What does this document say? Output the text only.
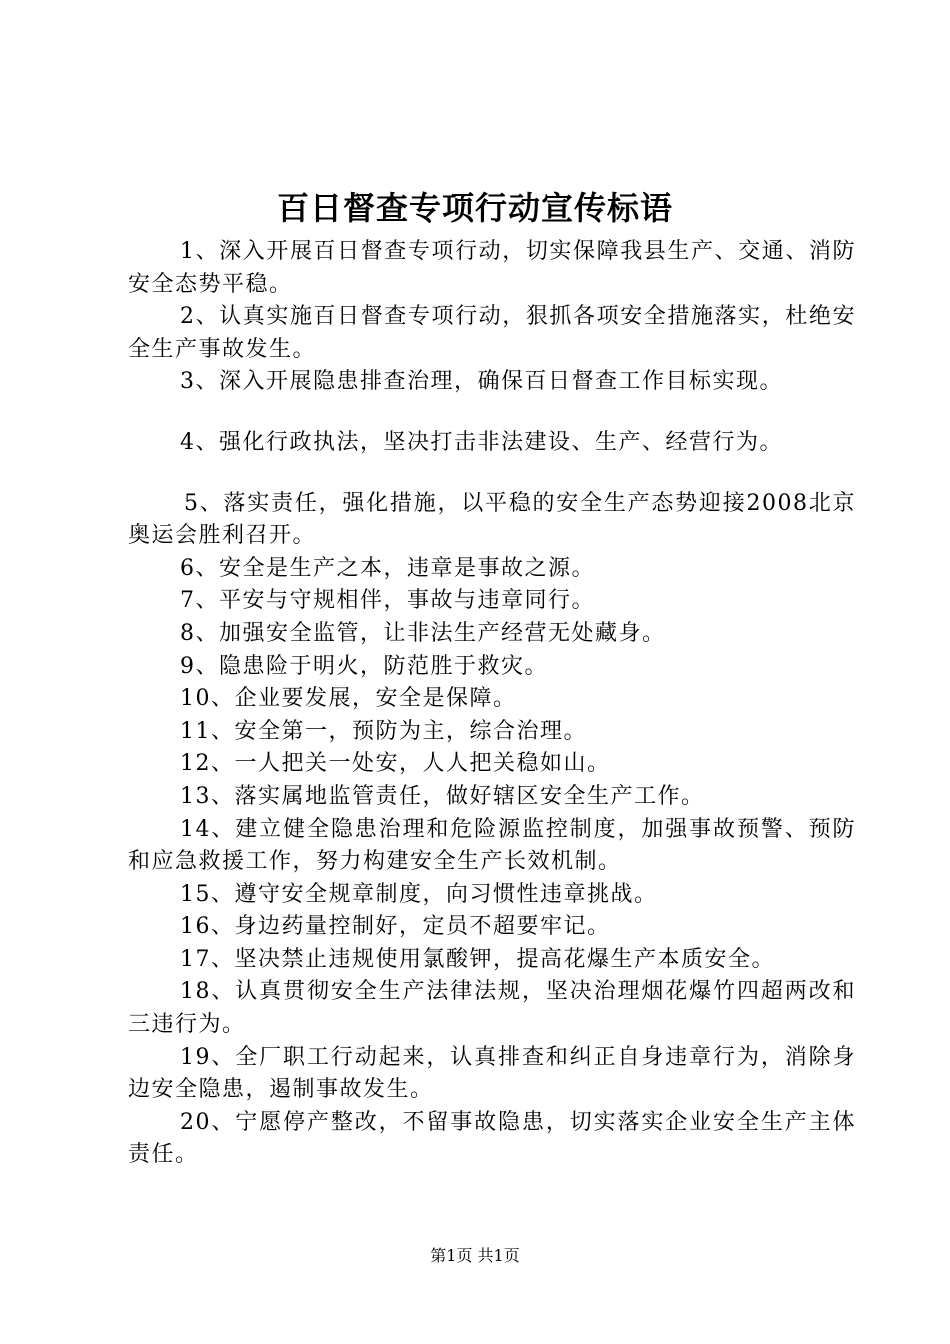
百日督查专项行动宣传标语

1、深入开展百日督查专项行动，切实保障我县生产、交通、消防安全态势平稳。

2、认真实施百日督查专项行动，狠抓各项安全措施落实，杜绝安全生产事故发生。

3、深入开展隐患排查治理，确保百日督查工作目标实现。

4、强化行政执法，坚决打击非法建设、生产、经营行为。

5、落实责任，强化措施，以平稳的安全生产态势迎接2008北京奥运会胜利召开。

6、安全是生产之本，违章是事故之源。

7、平安与守规相伴，事故与违章同行。

8、加强安全监管，让非法生产经营无处藏身。

9、隐患险于明火，防范胜于救灾。

10、企业要发展，安全是保障。

11、安全第一，预防为主，综合治理。

12、一人把关一处安，人人把关稳如山。

13、落实属地监管责任，做好辖区安全生产工作。

14、建立健全隐患治理和危险源监控制度，加强事故预警、预防和应急救援工作，努力构建安全生产长效机制。

15、遵守安全规章制度，向习惯性违章挑战。

16、身边药量控制好，定员不超要牢记。

17、坚决禁止违规使用氯酸钾，提高花爆生产本质安全。

18、认真贯彻安全生产法律法规，坚决治理烟花爆竹四超两改和三违行为。

19、全厂职工行动起来，认真排查和纠正自身违章行为，消除身边安全隐患，遏制事故发生。

20、宁愿停产整改，不留事故隐患，切实落实企业安全生产主体责任。

第1页 共1页
